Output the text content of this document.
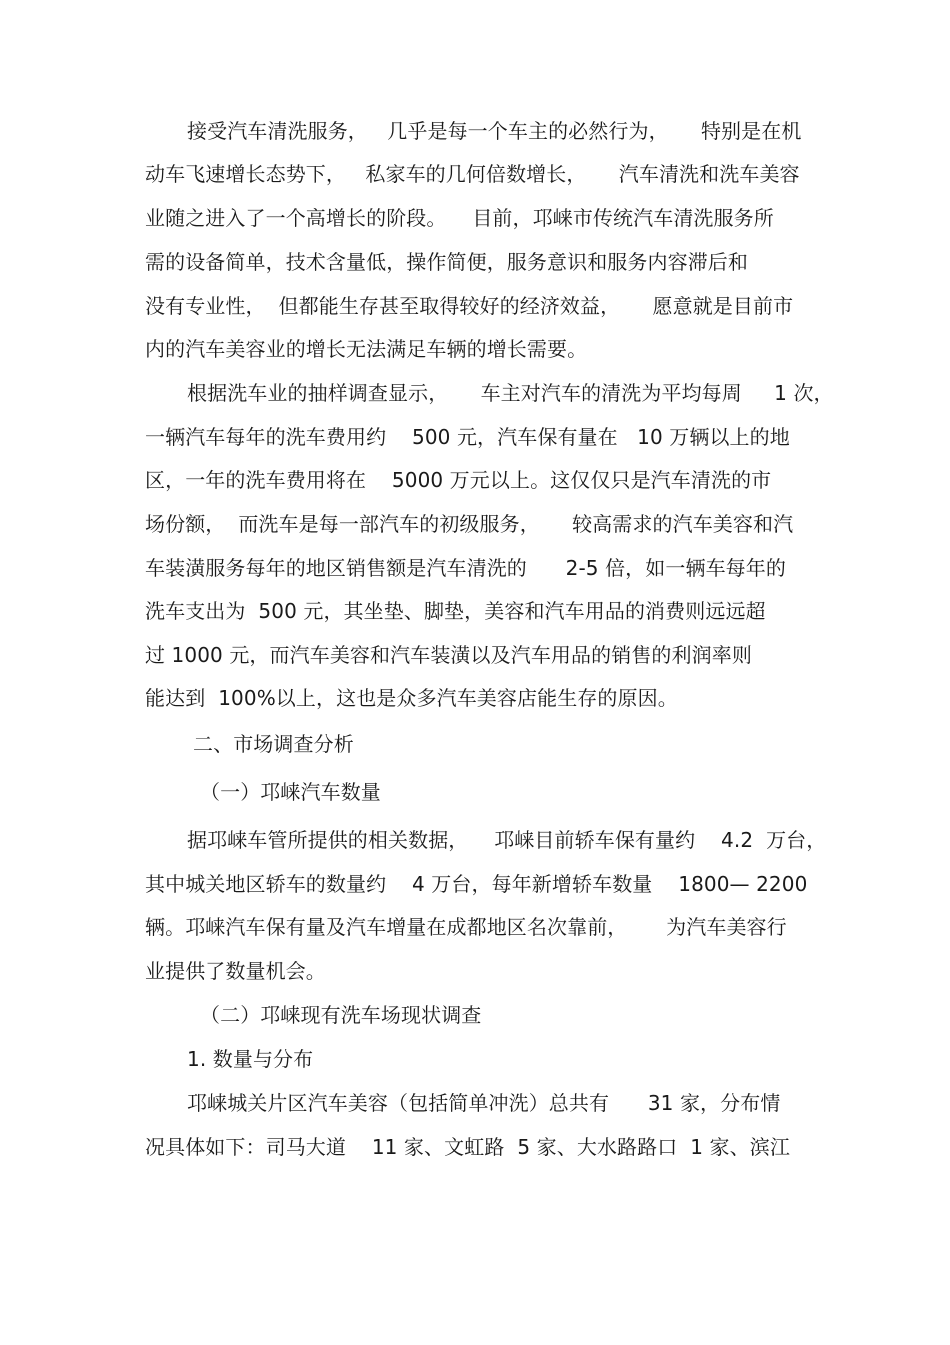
接受汽车清洗服务，   几乎是每一个车主的必然行为，     特别是在机
动车飞速增长态势下，   私家车的几何倍数增长，     汽车清洗和洗车美容
业随之进入了一个高增长的阶段。    目前，邛崃市传统汽车清洗服务所
需的设备简单，技术含量低，操作简便，服务意识和服务内容滞后和
没有专业性，  但都能生存甚至取得较好的经济效益，     愿意就是目前市
内的汽车美容业的增长无法满足车辆的增长需要。
根据洗车业的抽样调查显示，     车主对汽车的清洗为平均每周     1 次，
一辆汽车每年的洗车费用约    500 元，汽车保有量在   10 万辆以上的地
区，一年的洗车费用将在    5000 万元以上。这仅仅只是汽车清洗的市
场份额，  而洗车是每一部汽车的初级服务，     较高需求的汽车美容和汽
车装潢服务每年的地区销售额是汽车清洗的      2-5 倍，如一辆车每年的
洗车支出为  500 元，其坐垫、脚垫，美容和汽车用品的消费则远远超
过 1000 元，而汽车美容和汽车装潢以及汽车用品的销售的利润率则
能达到  100%以上，这也是众多汽车美容店能生存的原因。
二、市场调查分析
（一）邛崃汽车数量
据邛崃车管所提供的相关数据，    邛崃目前轿车保有量约    4.2  万台，
其中城关地区轿车的数量约    4 万台，每年新增轿车数量    1800— 2200
辆。邛崃汽车保有量及汽车增量在成都地区名次靠前，      为汽车美容行
业提供了数量机会。
（二）邛崃现有洗车场现状调查
1. 数量与分布
邛崃城关片区汽车美容（包括简单冲洗）总共有      31 家，分布情
况具体如下：司马大道    11 家、文虹路  5 家、大水路路口  1 家、滨江
